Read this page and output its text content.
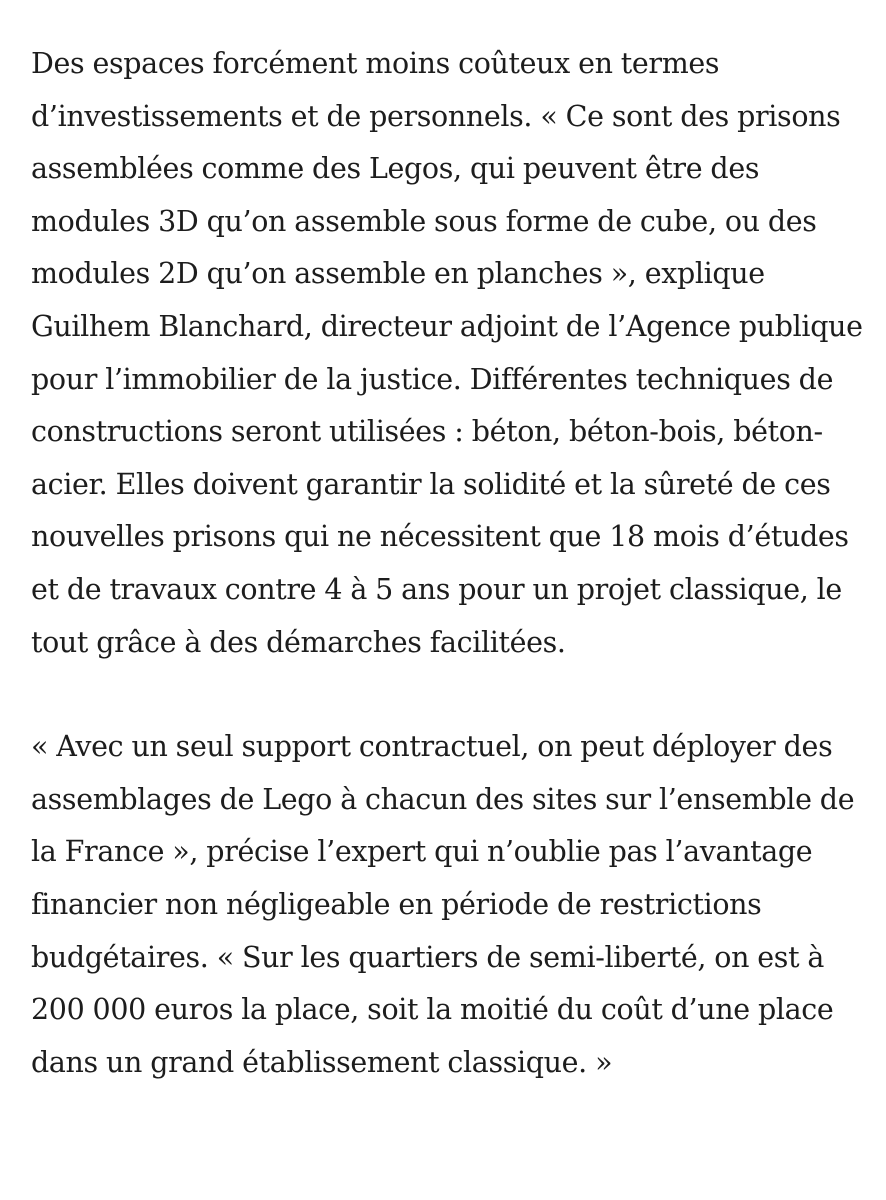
Des espaces forcément moins coûteux en termes d’investissements et de personnels. « Ce sont des prisons assemblées comme des Legos, qui peuvent être des modules 3D qu’on assemble sous forme de cube, ou des modules 2D qu’on assemble en planches », explique Guilhem Blanchard, directeur adjoint de l’Agence publique pour l’immobilier de la justice. Différentes techniques de constructions seront utilisées : béton, béton-bois, béton-acier. Elles doivent garantir la solidité et la sûreté de ces nouvelles prisons qui ne nécessitent que 18 mois d’études et de travaux contre 4 à 5 ans pour un projet classique, le tout grâce à des démarches facilitées.

« Avec un seul support contractuel, on peut déployer des assemblages de Lego à chacun des sites sur l’ensemble de la France », précise l’expert qui n’oublie pas l’avantage financier non négligeable en période de restrictions budgétaires. « Sur les quartiers de semi-liberté, on est à 200 000 euros la place, soit la moitié du coût d’une place dans un grand établissement classique. »
